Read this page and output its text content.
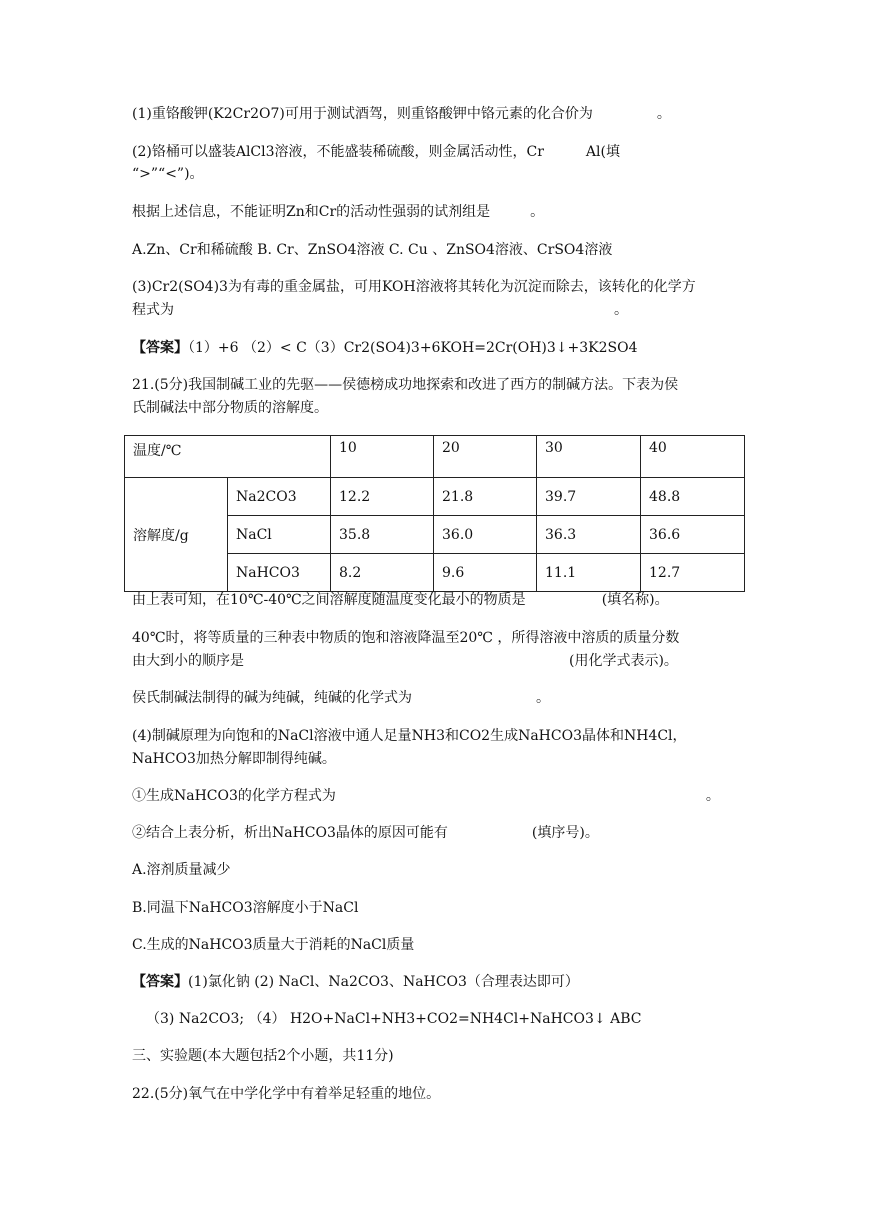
(1)重铬酸钾(K2Cr2O7)可用于测试酒驾，则重铬酸钾中铬元素的化合价为	。
(2)铬桶可以盛装AlCl3溶液，不能盛装稀硫酸，则金属活动性，Cr	Al(填
“>”“<”)。
根据上述信息，不能证明Zn和Cr的活动性强弱的试剂组是	。
A.Zn、Cr和稀硫酸 B. Cr、ZnSO4溶液 C. Cu 、ZnSO4溶液、CrSO4溶液
(3)Cr2(SO4)3为有毒的重金属盐，可用KOH溶液将其转化为沉淀而除去，该转化的化学方
程式为	。
【答案】（1）+6 （2）< C（3）Cr2(SO4)3+6KOH=2Cr(OH)3↓+3K2SO4
21.(5分)我国制碱工业的先驱——侯德榜成功地探索和改进了西方的制碱方法。下表为侯
氏制碱法中部分物质的溶解度。
温度/℃		10	20	30	40
溶解度/g	Na2CO3	12.2	21.8	39.7	48.8
	NaCl	35.8	36.0	36.3	36.6
	NaHCO3	8.2	9.6	11.1	12.7
由上表可知，在10℃-40℃之间溶解度随温度变化最小的物质是	(填名称)。
40℃时，将等质量的三种表中物质的饱和溶液降温至20℃ ，所得溶液中溶质的质量分数
由大到小的顺序是	(用化学式表示)。
侯氏制碱法制得的碱为纯碱，纯碱的化学式为	。
(4)制碱原理为向饱和的NaCl溶液中通人足量NH3和CO2生成NaHCO3晶体和NH4Cl，
NaHCO3加热分解即制得纯碱。
①生成NaHCO3的化学方程式为	。
②结合上表分析，析出NaHCO3晶体的原因可能有	(填序号)。
A.溶剂质量减少
B.同温下NaHCO3溶解度小于NaCl
C.生成的NaHCO3质量大于消耗的NaCl质量
【答案】(1)氯化钠 (2) NaCl、Na2CO3、NaHCO3（合理表达即可）
（3) Na2CO3; （4） H2O+NaCl+NH3+CO2=NH4Cl+NaHCO3↓ ABC
三、实验题(本大题包括2个小题，共11分)
22.(5分)氧气在中学化学中有着举足轻重的地位。
